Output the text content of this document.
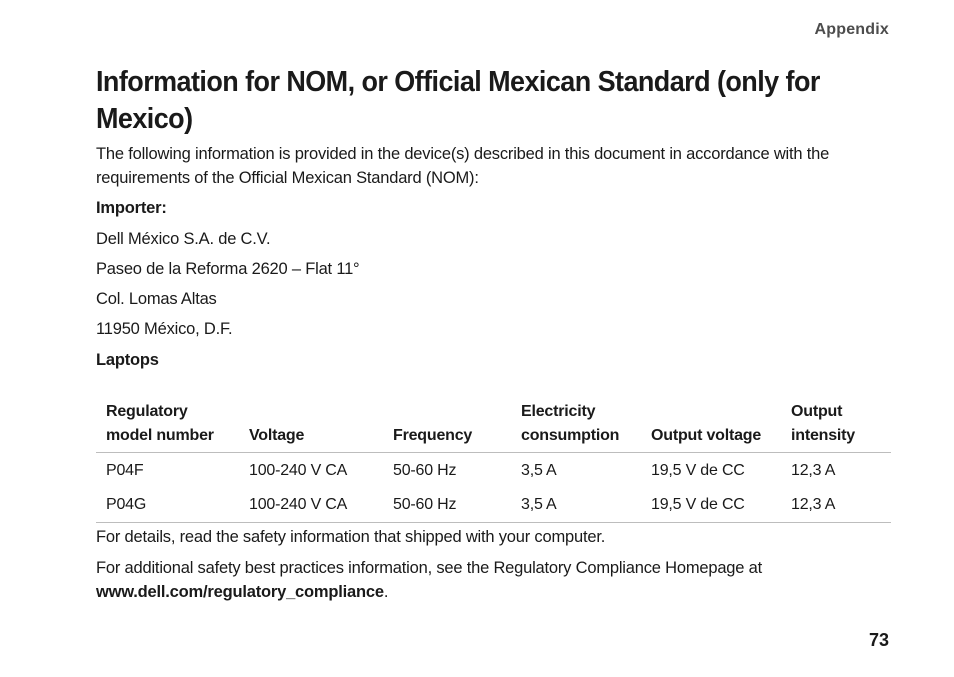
Appendix
Information for NOM, or Official Mexican Standard (only for Mexico)

The following information is provided in the device(s) described in this document in accordance with the requirements of the Official Mexican Standard (NOM):

Importer:

Dell México S.A. de C.V.

Paseo de la Reforma 2620 – Flat 11°

Col. Lomas Altas

11950 México, D.F.

Laptops

Regulatory model number	Voltage	Frequency	Electricity consumption	Output voltage	Output intensity
P04F	100-240 V CA	50-60 Hz	3,5 A	19,5 V de CC	12,3 A
P04G	100-240 V CA	50-60 Hz	3,5 A	19,5 V de CC	12,3 A

For details, read the safety information that shipped with your computer.

For additional safety best practices information, see the Regulatory Compliance Homepage at www.dell.com/regulatory_compliance.

73
